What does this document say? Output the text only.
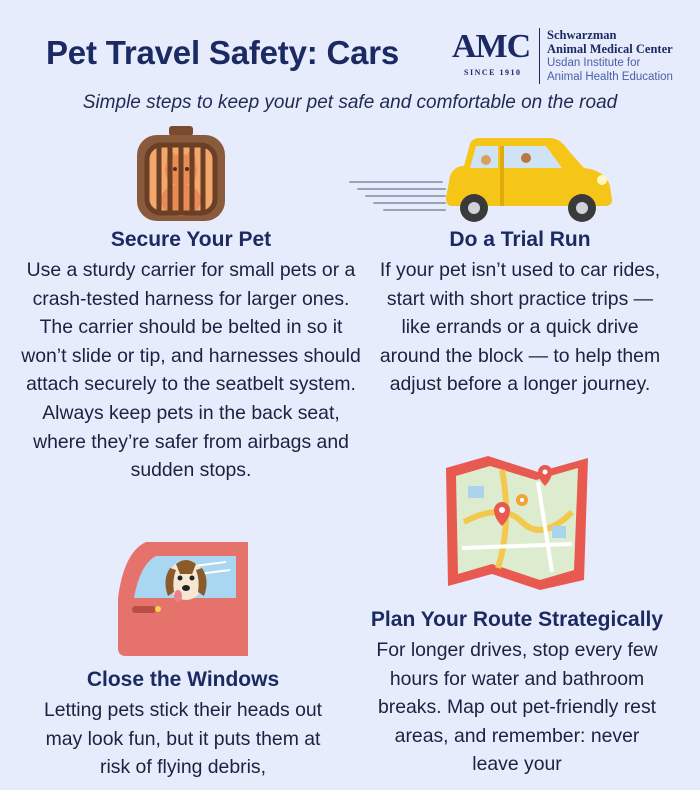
Pet Travel Safety: Cars AMC
SINCE 1910
Schwarzman
Animal Medical Center
Usdan Institute for
Animal Health Education
Simple steps to keep your pet safe and comfortable on the road
Secure Your Pet
Use a sturdy carrier for small pets or a crash-tested harness for larger ones. The carrier should be belted in so it won’t slide or tip, and harnesses should attach securely to the seatbelt system. Always keep pets in the back seat, where they’re safer from airbags and sudden stops.
Do a Trial Run
If your pet isn’t used to car rides, start with short practice trips — like errands or a quick drive around the block — to help them adjust before a longer journey.
Close the Windows
Letting pets stick their heads out may look fun, but it puts them at risk of flying debris,
Plan Your Route Strategically
For longer drives, stop every few hours for water and bathroom breaks. Map out pet-friendly rest areas, and remember: never leave your
